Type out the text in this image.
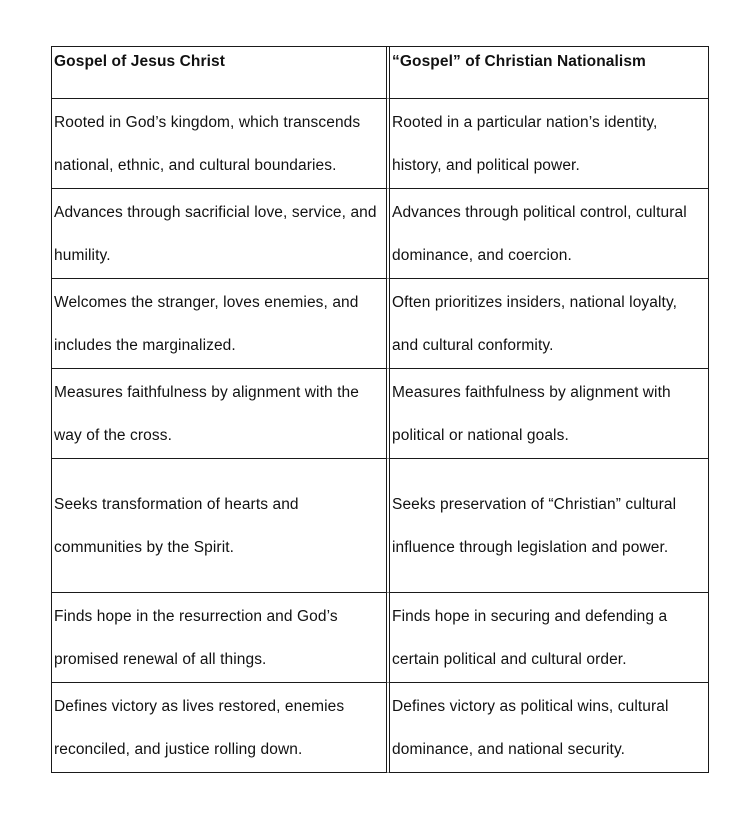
Gospel of Jesus Christ	“Gospel” of Christian Nationalism
Rooted in God’s kingdom, which transcends national, ethnic, and cultural boundaries.	Rooted in a particular nation’s identity, history, and political power.
Advances through sacrificial love, service, and humility.	Advances through political control, cultural dominance, and coercion.
Welcomes the stranger, loves enemies, and includes the marginalized.	Often prioritizes insiders, national loyalty, and cultural conformity.
Measures faithfulness by alignment with the way of the cross.	Measures faithfulness by alignment with political or national goals.
Seeks transformation of hearts and communities by the Spirit.	Seeks preservation of “Christian” cultural influence through legislation and power.
Finds hope in the resurrection and God’s promised renewal of all things.	Finds hope in securing and defending a certain political and cultural order.
Defines victory as lives restored, enemies reconciled, and justice rolling down.	Defines victory as political wins, cultural dominance, and national security.
